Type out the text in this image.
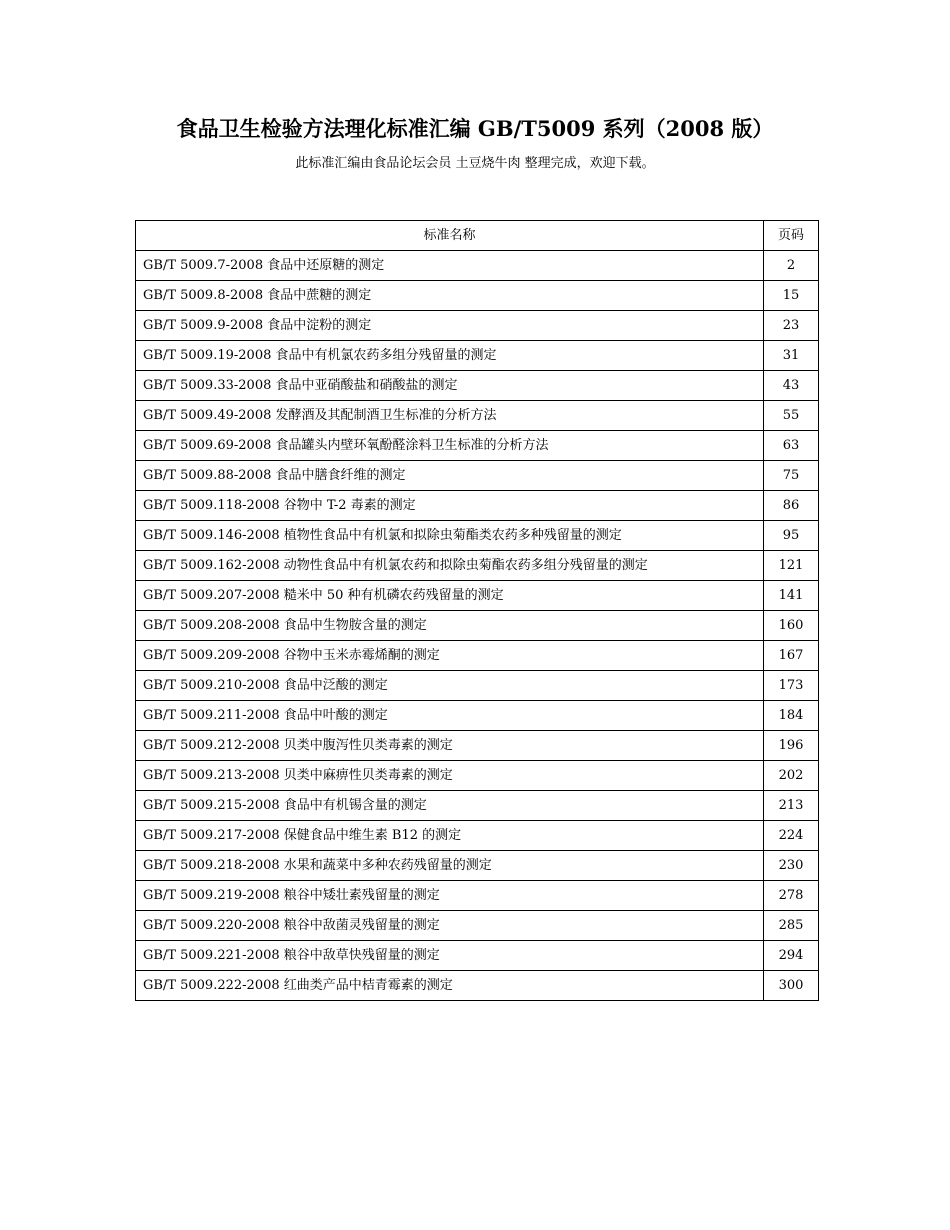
食品卫生检验方法理化标准汇编 GB/T5009 系列（2008 版）
此标准汇编由食品论坛会员 土豆烧牛肉 整理完成，欢迎下载。
标准名称	页码
GB/T 5009.7-2008 食品中还原糖的测定	2
GB/T 5009.8-2008 食品中蔗糖的测定	15
GB/T 5009.9-2008 食品中淀粉的测定	23
GB/T 5009.19-2008 食品中有机氯农药多组分残留量的测定	31
GB/T 5009.33-2008 食品中亚硝酸盐和硝酸盐的测定	43
GB/T 5009.49-2008 发酵酒及其配制酒卫生标准的分析方法	55
GB/T 5009.69-2008 食品罐头内壁环氧酚醛涂料卫生标准的分析方法	63
GB/T 5009.88-2008 食品中膳食纤维的测定	75
GB/T 5009.118-2008 谷物中 T-2 毒素的测定	86
GB/T 5009.146-2008 植物性食品中有机氯和拟除虫菊酯类农药多种残留量的测定	95
GB/T 5009.162-2008 动物性食品中有机氯农药和拟除虫菊酯农药多组分残留量的测定	121
GB/T 5009.207-2008 糙米中 50 种有机磷农药残留量的测定	141
GB/T 5009.208-2008 食品中生物胺含量的测定	160
GB/T 5009.209-2008 谷物中玉米赤霉烯酮的测定	167
GB/T 5009.210-2008 食品中泛酸的测定	173
GB/T 5009.211-2008 食品中叶酸的测定	184
GB/T 5009.212-2008 贝类中腹泻性贝类毒素的测定	196
GB/T 5009.213-2008 贝类中麻痹性贝类毒素的测定	202
GB/T 5009.215-2008 食品中有机锡含量的测定	213
GB/T 5009.217-2008 保健食品中维生素 B12 的测定	224
GB/T 5009.218-2008 水果和蔬菜中多种农药残留量的测定	230
GB/T 5009.219-2008 粮谷中矮壮素残留量的测定	278
GB/T 5009.220-2008 粮谷中敌菌灵残留量的测定	285
GB/T 5009.221-2008 粮谷中敌草快残留量的测定	294
GB/T 5009.222-2008 红曲类产品中桔青霉素的测定	300
